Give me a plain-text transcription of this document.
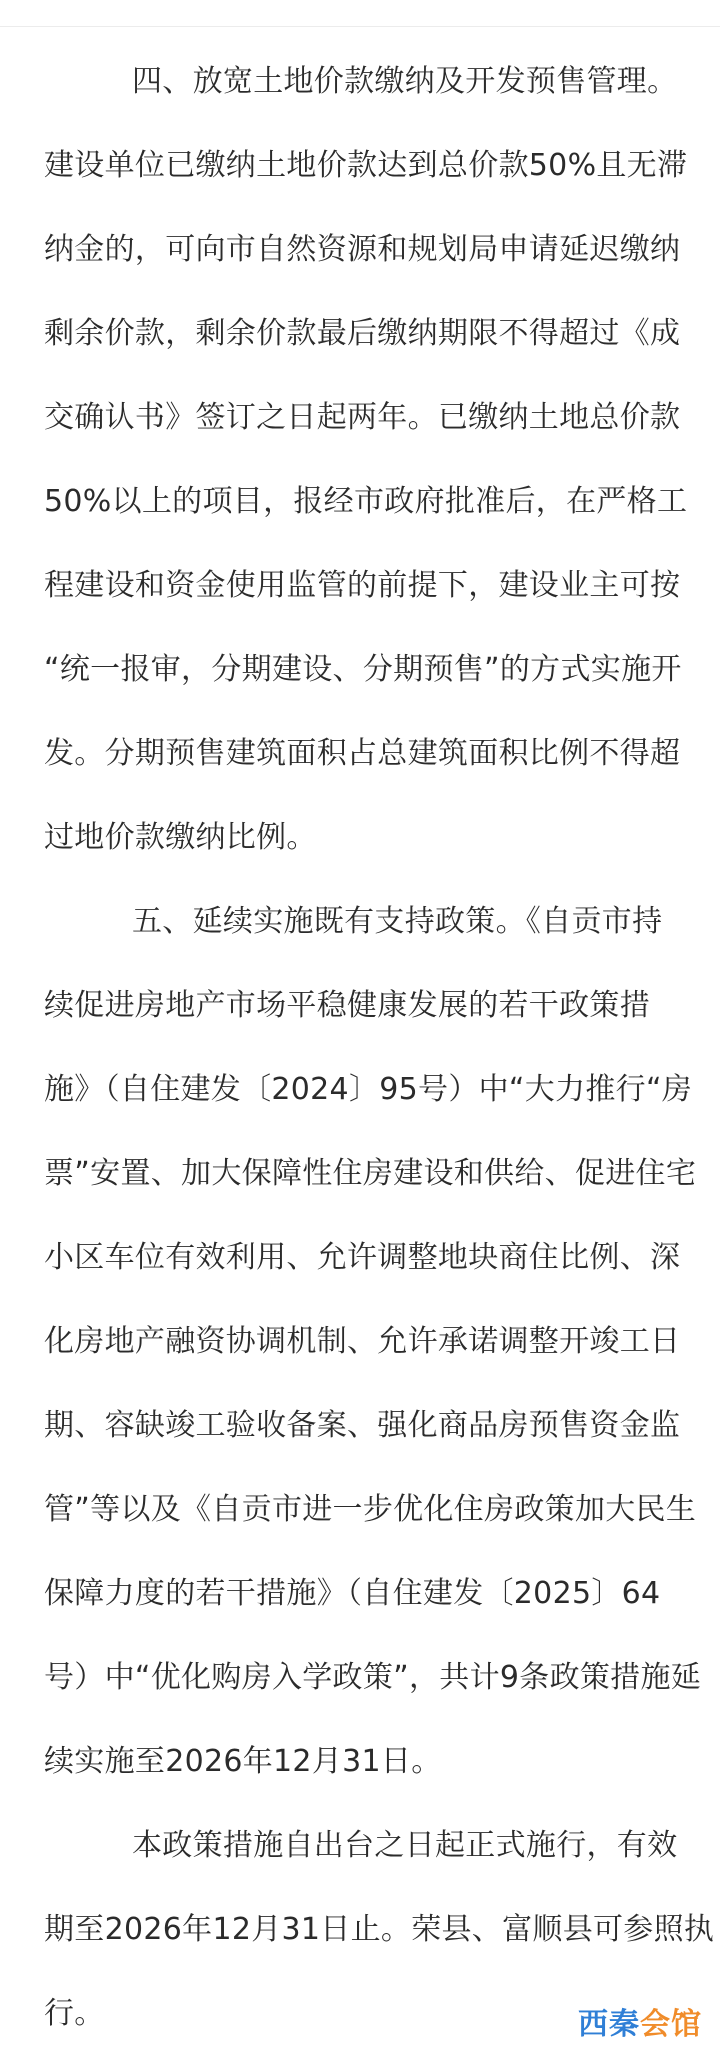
四、放宽土地价款缴纳及开发预售管理。
建设单位已缴纳土地价款达到总价款50%且无滞
纳金的，可向市自然资源和规划局申请延迟缴纳
剩余价款，剩余价款最后缴纳期限不得超过《成
交确认书》签订之日起两年。已缴纳土地总价款
50%以上的项目，报经市政府批准后，在严格工
程建设和资金使用监管的前提下，建设业主可按
“统一报审，分期建设、分期预售”的方式实施开
发。分期预售建筑面积占总建筑面积比例不得超
过地价款缴纳比例。
五、延续实施既有支持政策。《自贡市持
续促进房地产市场平稳健康发展的若干政策措
施》（自住建发〔2024〕95号）中“大力推行“房
票”安置、加大保障性住房建设和供给、促进住宅
小区车位有效利用、允许调整地块商住比例、深
化房地产融资协调机制、允许承诺调整开竣工日
期、容缺竣工验收备案、强化商品房预售资金监
管”等以及《自贡市进一步优化住房政策加大民生
保障力度的若干措施》（自住建发〔2025〕64
号）中“优化购房入学政策”，共计9条政策措施延
续实施至2026年12月31日。
本政策措施自出台之日起正式施行，有效
期至2026年12月31日止。荣县、富顺县可参照执
行。	西秦会馆
